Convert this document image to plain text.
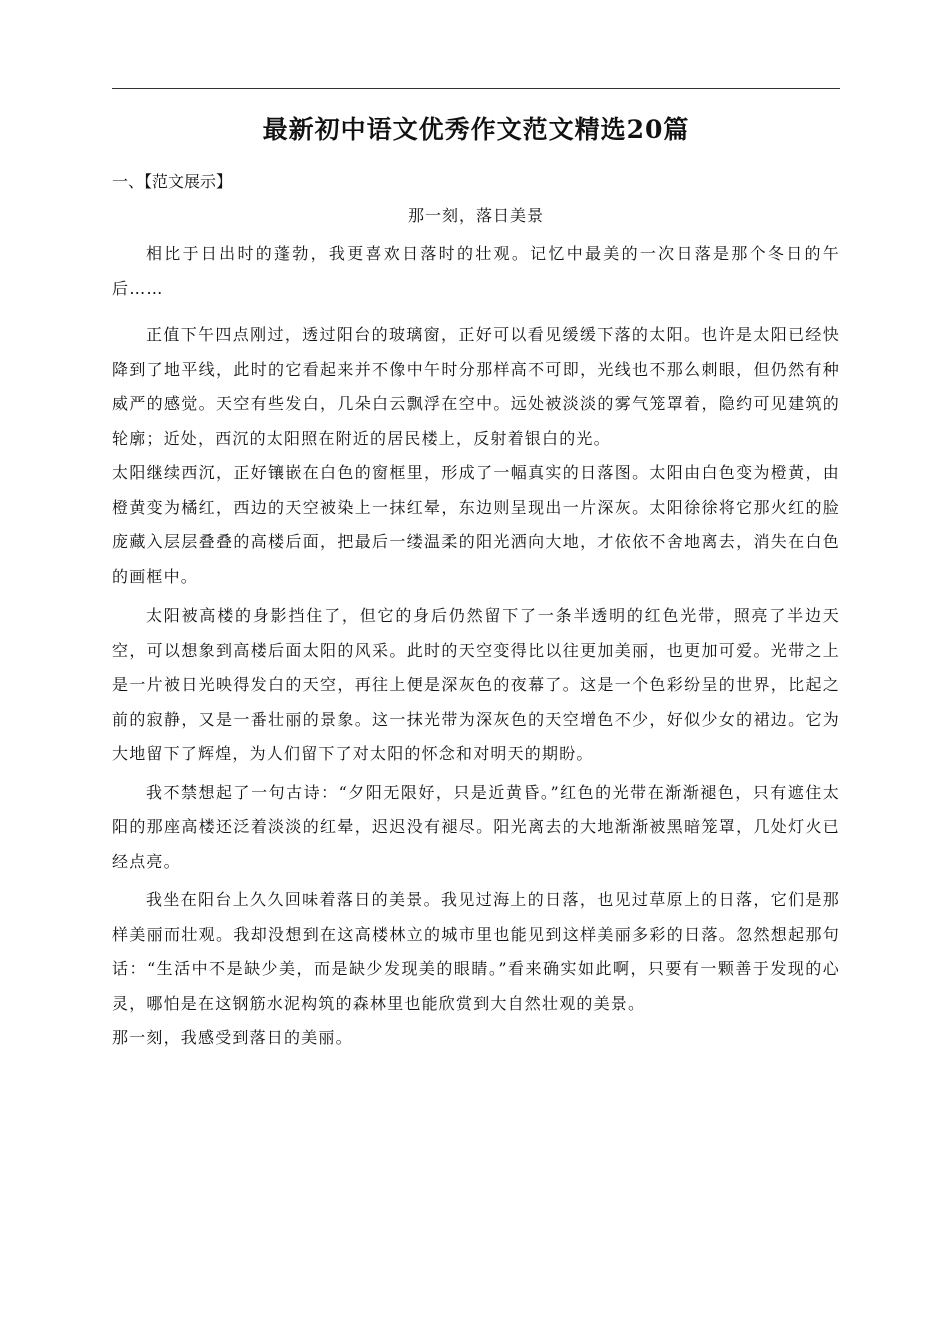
最新初中语文优秀作文范文精选20篇
一、【范文展示】
那一刻，落日美景

相比于日出时的蓬勃，我更喜欢日落时的壮观。记忆中最美的一次日落是那个冬日的午后……

正值下午四点刚过，透过阳台的玻璃窗，正好可以看见缓缓下落的太阳。也许是太阳已经快降到了地平线，此时的它看起来并不像中午时分那样高不可即，光线也不那么刺眼，但仍然有种威严的感觉。天空有些发白，几朵白云飘浮在空中。远处被淡淡的雾气笼罩着，隐约可见建筑的轮廓；近处，西沉的太阳照在附近的居民楼上，反射着银白的光。

太阳继续西沉，正好镶嵌在白色的窗框里，形成了一幅真实的日落图。太阳由白色变为橙黄，由橙黄变为橘红，西边的天空被染上一抹红晕，东边则呈现出一片深灰。太阳徐徐将它那火红的脸庞藏入层层叠叠的高楼后面，把最后一缕温柔的阳光洒向大地，才依依不舍地离去，消失在白色的画框中。

太阳被高楼的身影挡住了，但它的身后仍然留下了一条半透明的红色光带，照亮了半边天空，可以想象到高楼后面太阳的风采。此时的天空变得比以往更加美丽，也更加可爱。光带之上是一片被日光映得发白的天空，再往上便是深灰色的夜幕了。这是一个色彩纷呈的世界，比起之前的寂静，又是一番壮丽的景象。这一抹光带为深灰色的天空增色不少，好似少女的裙边。它为大地留下了辉煌，为人们留下了对太阳的怀念和对明天的期盼。

我不禁想起了一句古诗：“夕阳无限好，只是近黄昏。”红色的光带在渐渐褪色，只有遮住太阳的那座高楼还泛着淡淡的红晕，迟迟没有褪尽。阳光离去的大地渐渐被黑暗笼罩，几处灯火已经点亮。

我坐在阳台上久久回味着落日的美景。我见过海上的日落，也见过草原上的日落，它们是那样美丽而壮观。我却没想到在这高楼林立的城市里也能见到这样美丽多彩的日落。忽然想起那句话：“生活中不是缺少美，而是缺少发现美的眼睛。”看来确实如此啊，只要有一颗善于发现的心灵，哪怕是在这钢筋水泥构筑的森林里也能欣赏到大自然壮观的美景。

那一刻，我感受到落日的美丽。
